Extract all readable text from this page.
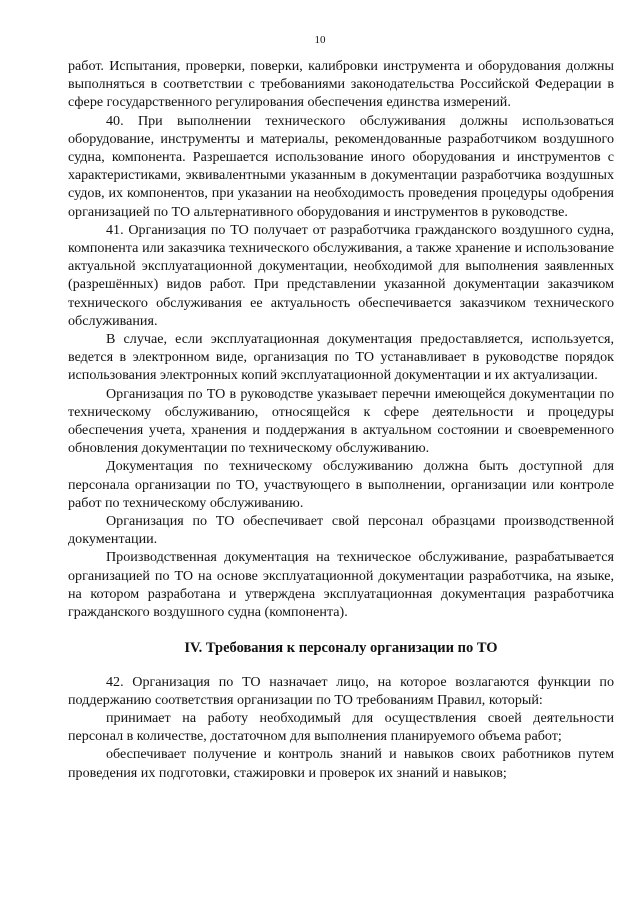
10

работ. Испытания, проверки, поверки, калибровки инструмента и оборудования должны выполняться в соответствии с требованиями законодательства Российской Федерации в сфере государственного регулирования обеспечения единства измерений.

40. При выполнении технического обслуживания должны использоваться оборудование, инструменты и материалы, рекомендованные разработчиком воздушного судна, компонента. Разрешается использование иного оборудования и инструментов с характеристиками, эквивалентными указанным в документации разработчика воздушных судов, их компонентов, при указании на необходимость проведения процедуры одобрения организацией по ТО альтернативного оборудования и инструментов в руководстве.

41. Организация по ТО получает от разработчика гражданского воздушного судна, компонента или заказчика технического обслуживания, а также хранение и использование актуальной эксплуатационной документации, необходимой для выполнения заявленных (разрешённых) видов работ. При представлении указанной документации заказчиком технического обслуживания ее актуальность обеспечивается заказчиком технического обслуживания.

В случае, если эксплуатационная документация предоставляется, используется, ведется в электронном виде, организация по ТО устанавливает в руководстве порядок использования электронных копий эксплуатационной документации и их актуализации.

Организация по ТО в руководстве указывает перечни имеющейся документации по техническому обслуживанию, относящейся к сфере деятельности и процедуры обеспечения учета, хранения и поддержания в актуальном состоянии и своевременного обновления документации по техническому обслуживанию.

Документация по техническому обслуживанию должна быть доступной для персонала организации по ТО, участвующего в выполнении, организации или контроле работ по техническому обслуживанию.

Организация по ТО обеспечивает свой персонал образцами производственной документации.

Производственная документация на техническое обслуживание, разрабатывается организацией по ТО на основе эксплуатационной документации разработчика, на языке, на котором разработана и утверждена эксплуатационная документация разработчика гражданского воздушного судна (компонента).

IV. Требования к персоналу организации по ТО

42. Организация по ТО назначает лицо, на которое возлагаются функции по поддержанию соответствия организации по ТО требованиям Правил, который:

принимает на работу необходимый для осуществления своей деятельности персонал в количестве, достаточном для выполнения планируемого объема работ;

обеспечивает получение и контроль знаний и навыков своих работников путем проведения их подготовки, стажировки и проверок их знаний и навыков;
